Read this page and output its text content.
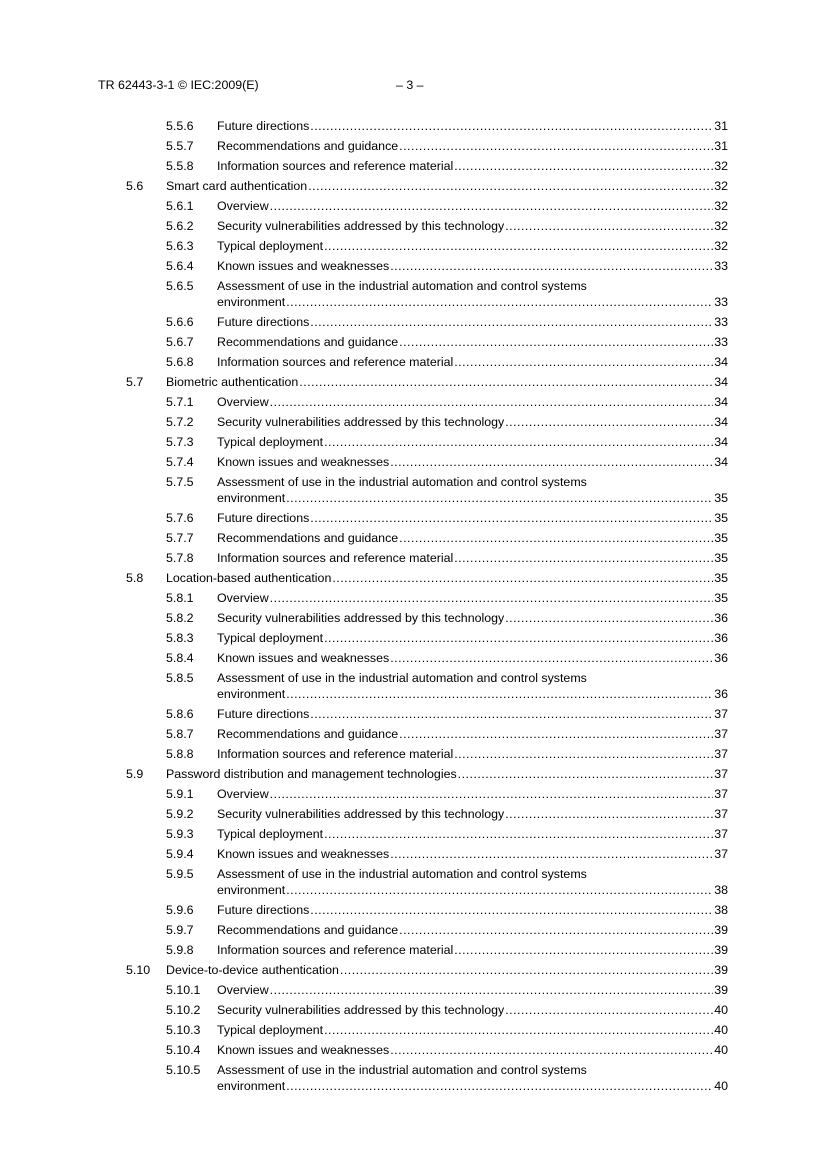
TR 62443-3-1 © IEC:2009(E)	– 3 –
5.5.6 Future directions .....	31
5.5.7 Recommendations and guidance .....	31
5.5.8 Information sources and reference material .....	32
5.6 Smart card authentication .....	32
5.6.1 Overview .....	32
5.6.2 Security vulnerabilities addressed by this technology .....	32
5.6.3 Typical deployment .....	32
5.6.4 Known issues and weaknesses .....	33
5.6.5 Assessment of use in the industrial automation and control systems
environment .....	33
5.6.6 Future directions .....	33
5.6.7 Recommendations and guidance .....	33
5.6.8 Information sources and reference material .....	34
5.7 Biometric authentication .....	34
5.7.1 Overview .....	34
5.7.2 Security vulnerabilities addressed by this technology .....	34
5.7.3 Typical deployment .....	34
5.7.4 Known issues and weaknesses .....	34
5.7.5 Assessment of use in the industrial automation and control systems
environment .....	35
5.7.6 Future directions .....	35
5.7.7 Recommendations and guidance .....	35
5.7.8 Information sources and reference material .....	35
5.8 Location-based authentication .....	35
5.8.1 Overview .....	35
5.8.2 Security vulnerabilities addressed by this technology .....	36
5.8.3 Typical deployment .....	36
5.8.4 Known issues and weaknesses .....	36
5.8.5 Assessment of use in the industrial automation and control systems
environment .....	36
5.8.6 Future directions .....	37
5.8.7 Recommendations and guidance .....	37
5.8.8 Information sources and reference material .....	37
5.9 Password distribution and management technologies .....	37
5.9.1 Overview .....	37
5.9.2 Security vulnerabilities addressed by this technology .....	37
5.9.3 Typical deployment .....	37
5.9.4 Known issues and weaknesses .....	37
5.9.5 Assessment of use in the industrial automation and control systems
environment .....	38
5.9.6 Future directions .....	38
5.9.7 Recommendations and guidance .....	39
5.9.8 Information sources and reference material .....	39
5.10 Device-to-device authentication .....	39
5.10.1 Overview .....	39
5.10.2 Security vulnerabilities addressed by this technology .....	40
5.10.3 Typical deployment .....	40
5.10.4 Known issues and weaknesses .....	40
5.10.5 Assessment of use in the industrial automation and control systems
environment .....	40
